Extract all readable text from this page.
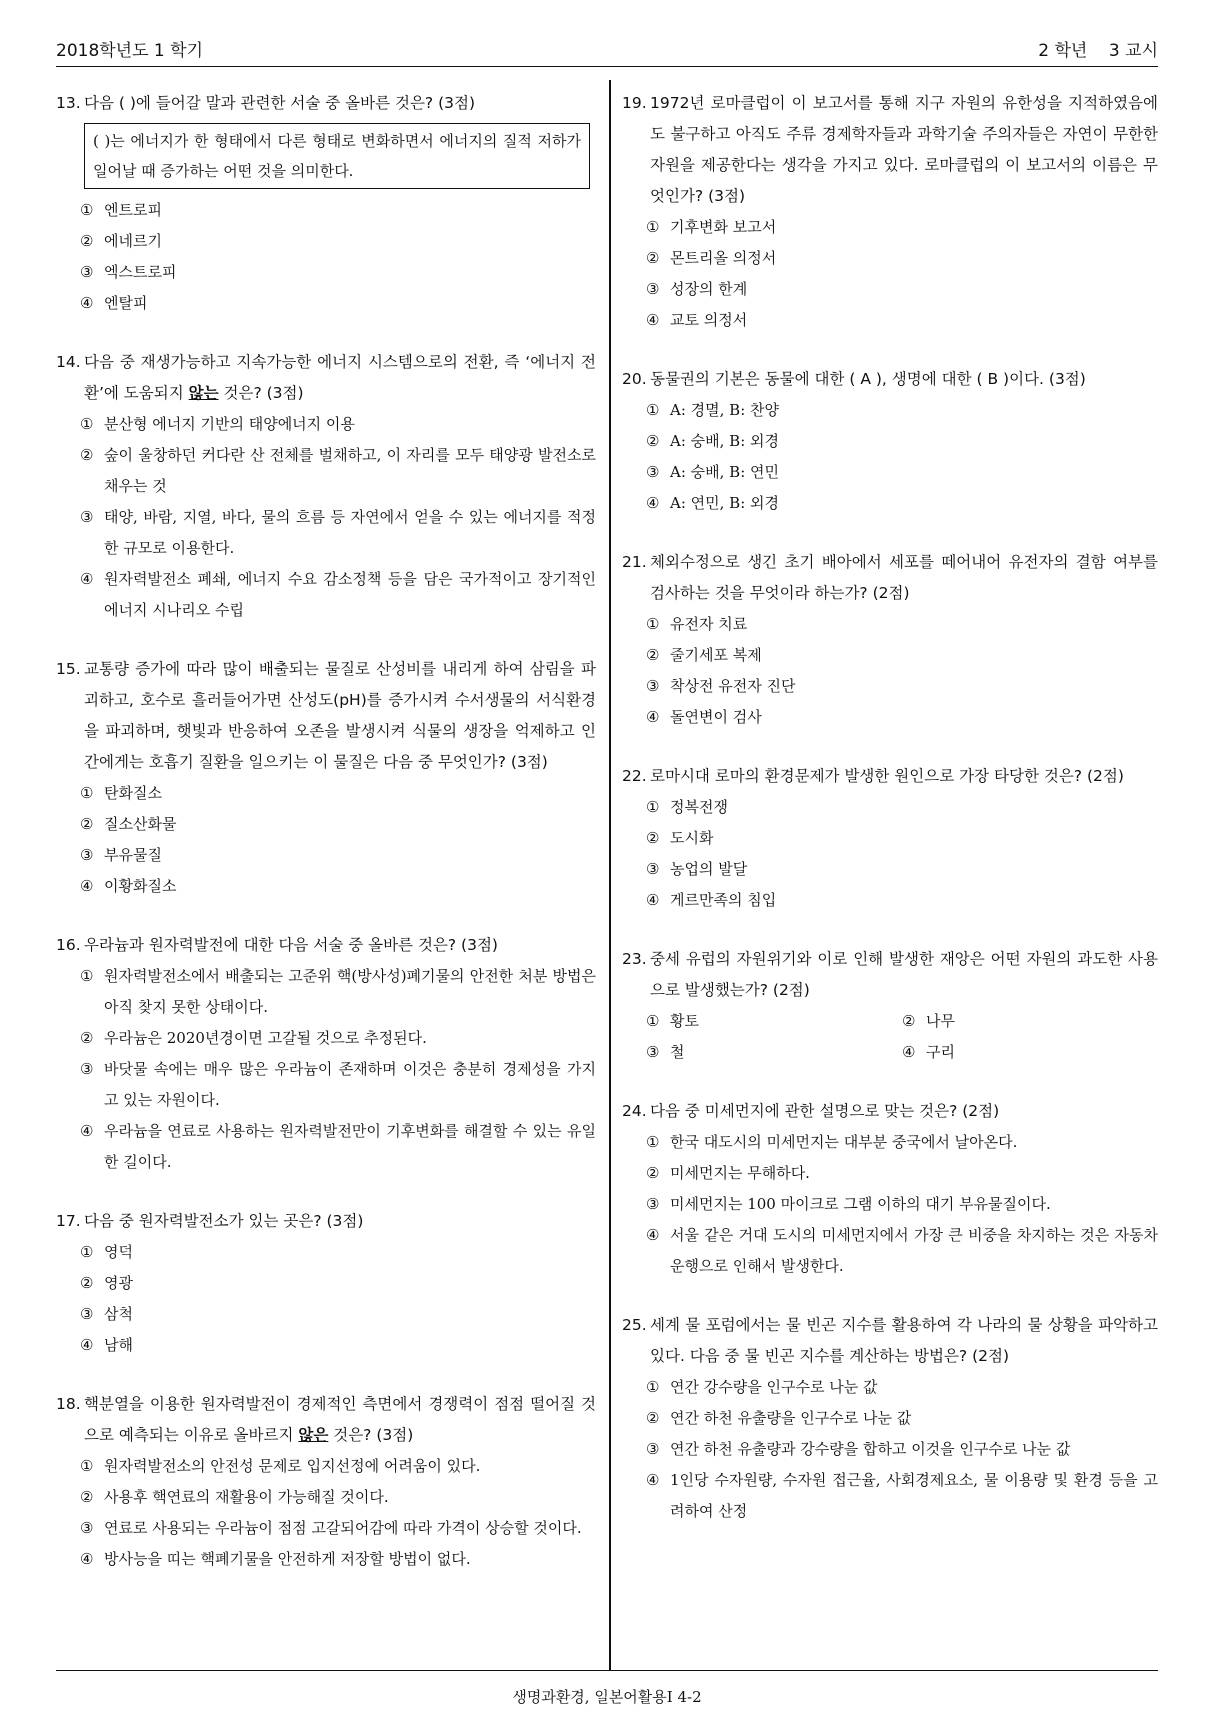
2018학년도 1 학기	2 학년    3 교시
13. 다음 ( )에 들어갈 말과 관련한 서술 중 올바른 것은? (3점)
( )는 에너지가 한 형태에서 다른 형태로 변화하면서 에너지의 질적 저하가 일어날 때 증가하는 어떤 것을 의미한다.
① 엔트로피
② 에네르기
③ 엑스트로피
④ 엔탈피
14. 다음 중 재생가능하고 지속가능한 에너지 시스템으로의 전환, 즉 ‘에너지 전환’에 도움되지 않는 것은? (3점)
① 분산형 에너지 기반의 태양에너지 이용
② 숲이 울창하던 커다란 산 전체를 벌채하고, 이 자리를 모두 태양광 발전소로 채우는 것
③ 태양, 바람, 지열, 바다, 물의 흐름 등 자연에서 얻을 수 있는 에너지를 적정한 규모로 이용한다.
④ 원자력발전소 폐쇄, 에너지 수요 감소정책 등을 담은 국가적이고 장기적인 에너지 시나리오 수립
15. 교통량 증가에 따라 많이 배출되는 물질로 산성비를 내리게 하여 삼림을 파괴하고, 호수로 흘러들어가면 산성도(pH)를 증가시켜 수서생물의 서식환경을 파괴하며, 햇빛과 반응하여 오존을 발생시켜 식물의 생장을 억제하고 인간에게는 호흡기 질환을 일으키는 이 물질은 다음 중 무엇인가? (3점)
① 탄화질소
② 질소산화물
③ 부유물질
④ 이황화질소
16. 우라늄과 원자력발전에 대한 다음 서술 중 올바른 것은? (3점)
① 원자력발전소에서 배출되는 고준위 핵(방사성)폐기물의 안전한 처분 방법은 아직 찾지 못한 상태이다.
② 우라늄은 2020년경이면 고갈될 것으로 추정된다.
③ 바닷물 속에는 매우 많은 우라늄이 존재하며 이것은 충분히 경제성을 가지고 있는 자원이다.
④ 우라늄을 연료로 사용하는 원자력발전만이 기후변화를 해결할 수 있는 유일한 길이다.
17. 다음 중 원자력발전소가 있는 곳은? (3점)
① 영덕
② 영광
③ 삼척
④ 남해
18. 핵분열을 이용한 원자력발전이 경제적인 측면에서 경쟁력이 점점 떨어질 것으로 예측되는 이유로 올바르지 않은 것은? (3점)
① 원자력발전소의 안전성 문제로 입지선정에 어려움이 있다.
② 사용후 핵연료의 재활용이 가능해질 것이다.
③ 연료로 사용되는 우라늄이 점점 고갈되어감에 따라 가격이 상승할 것이다.
④ 방사능을 띠는 핵폐기물을 안전하게 저장할 방법이 없다.
19. 1972년 로마클럽이 이 보고서를 통해 지구 자원의 유한성을 지적하였음에도 불구하고 아직도 주류 경제학자들과 과학기술 주의자들은 자연이 무한한 자원을 제공한다는 생각을 가지고 있다. 로마클럽의 이 보고서의 이름은 무엇인가? (3점)
① 기후변화 보고서
② 몬트리올 의정서
③ 성장의 한계
④ 교토 의정서
20. 동물권의 기본은 동물에 대한 ( A ), 생명에 대한 ( B )이다. (3점)
① A: 경멸, B: 찬양
② A: 숭배, B: 외경
③ A: 숭배, B: 연민
④ A: 연민, B: 외경
21. 체외수정으로 생긴 초기 배아에서 세포를 떼어내어 유전자의 결함 여부를 검사하는 것을 무엇이라 하는가? (2점)
① 유전자 치료
② 줄기세포 복제
③ 착상전 유전자 진단
④ 돌연변이 검사
22. 로마시대 로마의 환경문제가 발생한 원인으로 가장 타당한 것은? (2점)
① 정복전쟁
② 도시화
③ 농업의 발달
④ 게르만족의 침입
23. 중세 유럽의 자원위기와 이로 인해 발생한 재앙은 어떤 자원의 과도한 사용으로 발생했는가? (2점)
① 황토	② 나무
③ 철	④ 구리
24. 다음 중 미세먼지에 관한 설명으로 맞는 것은? (2점)
① 한국 대도시의 미세먼지는 대부분 중국에서 날아온다.
② 미세먼지는 무해하다.
③ 미세먼지는 100 마이크로 그램 이하의 대기 부유물질이다.
④ 서울 같은 거대 도시의 미세먼지에서 가장 큰 비중을 차지하는 것은 자동차 운행으로 인해서 발생한다.
25. 세계 물 포럼에서는 물 빈곤 지수를 활용하여 각 나라의 물 상황을 파악하고 있다. 다음 중 물 빈곤 지수를 계산하는 방법은? (2점)
① 연간 강수량을 인구수로 나눈 값
② 연간 하천 유출량을 인구수로 나눈 값
③ 연간 하천 유출량과 강수량을 합하고 이것을 인구수로 나눈 값
④ 1인당 수자원량, 수자원 접근율, 사회경제요소, 물 이용량 및 환경 등을 고려하여 산정
생명과환경, 일본어활용Ⅰ 4-2
